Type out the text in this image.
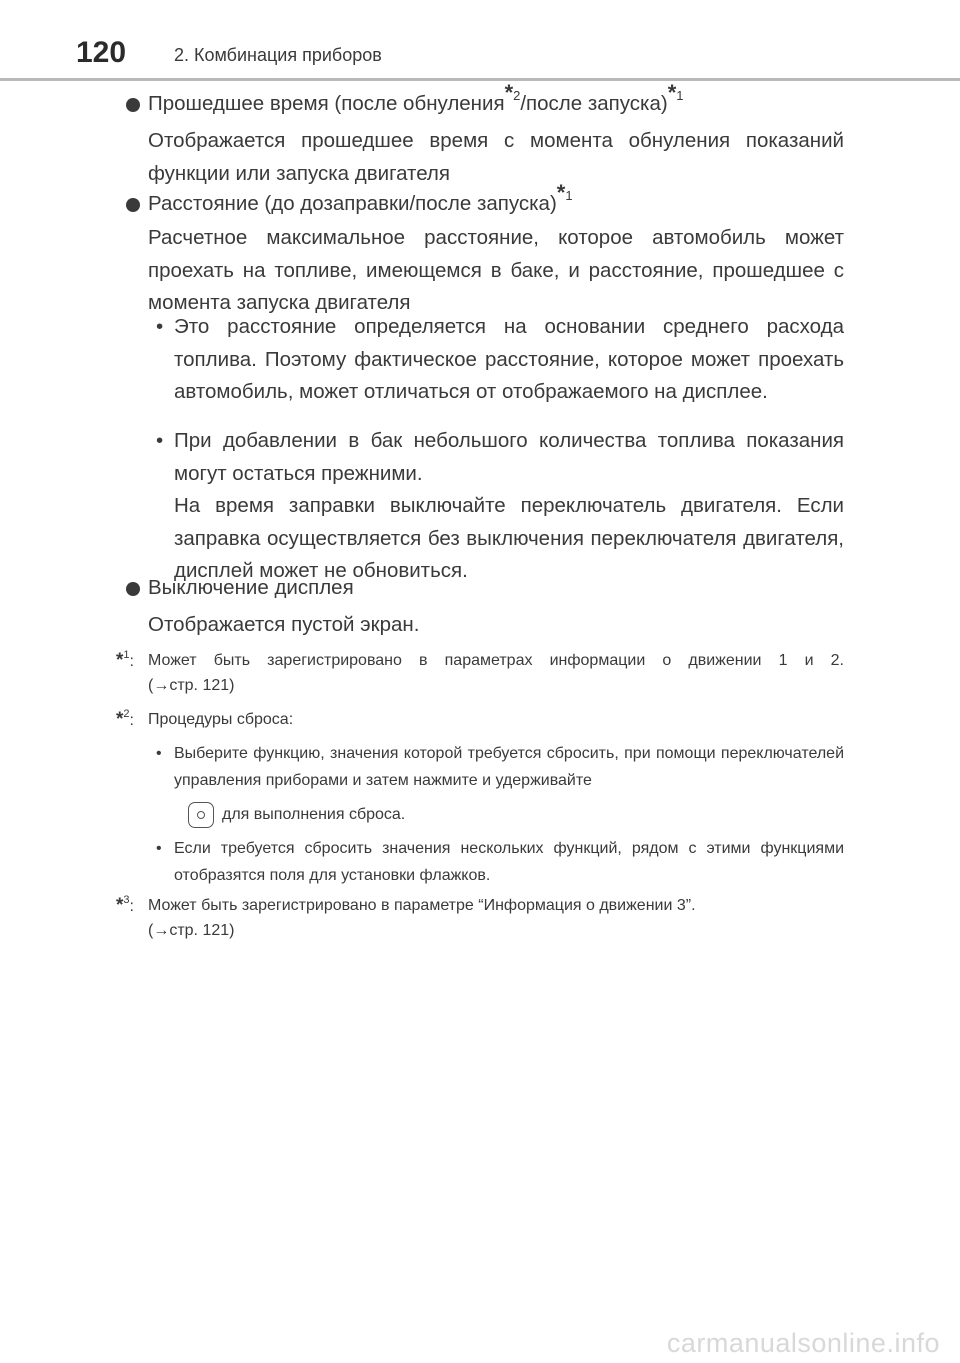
120	2. Комбинация приборов
Прошедшее время (после обнуления$^{*2}$/после запуска)$^{*1}$
Отображается прошедшее время с момента обнуления показаний функции или запуска двигателя
Расстояние (до дозаправки/после запуска)$^{*1}$
Расчетное максимальное расстояние, которое автомобиль может проехать на топливе, имеющемся в баке, и расстояние, прошедшее с момента запуска двигателя
• Это расстояние определяется на основании среднего расхода топлива. Поэтому фактическое расстояние, которое может проехать автомобиль, может отличаться от отображаемого на дисплее.
• При добавлении в бак небольшого количества топлива показания могут остаться прежними.
На время заправки выключайте переключатель двигателя. Если заправка осуществляется без выключения переключателя двигателя, дисплей может не обновиться.
Выключение дисплея
Отображается пустой экран.
*$^1$: Может быть зарегистрировано в параметрах информации о движении 1 и 2.
(→стр. 121)
*$^2$: Процедуры сброса:
• Выберите функцию, значения которой требуется сбросить, при помощи переключателей управления приборами и затем нажмите и удерживайте
для выполнения сброса.
• Если требуется сбросить значения нескольких функций, рядом с этими функциями отобразятся поля для установки флажков.
*$^3$: Может быть зарегистрировано в параметре “Информация о движении 3”.
(→стр. 121)
carmanualsonline.info
